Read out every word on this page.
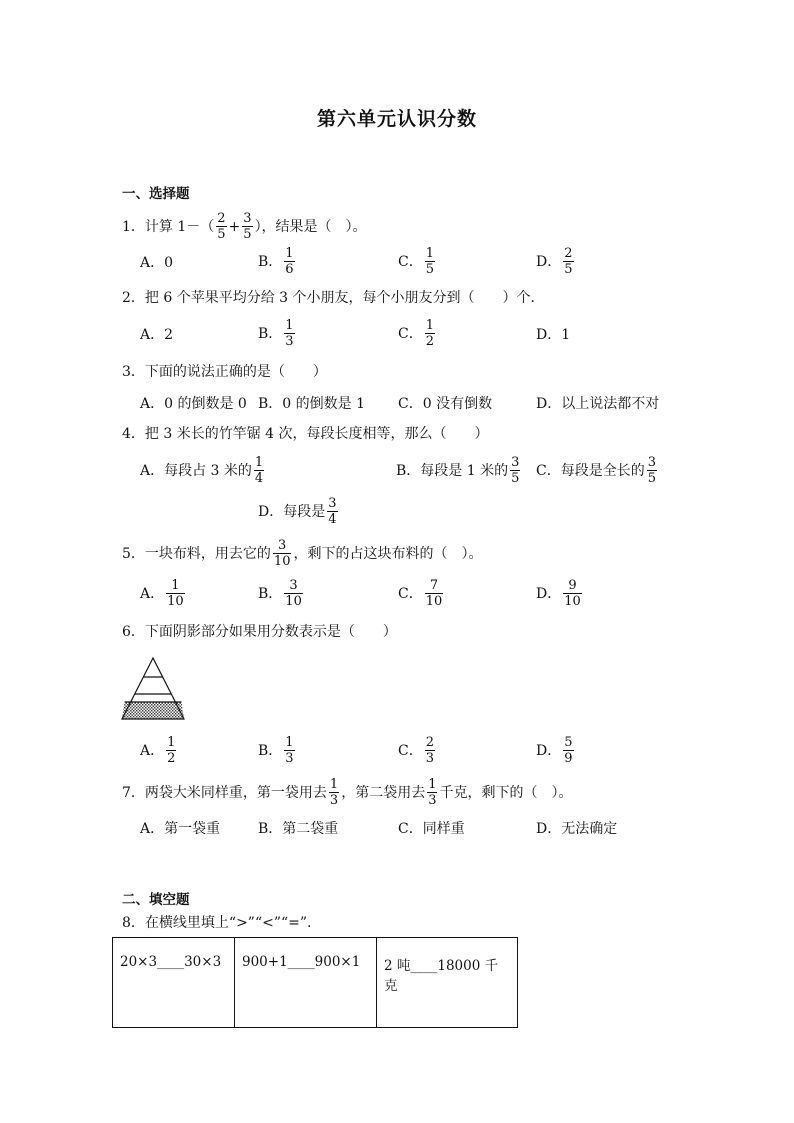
第六单元认识分数
一、选择题
1．计算 $1-( \frac{2}{5} + \frac{3}{5}$ ），结果是（　）。
A．0	B． $\frac{1}{6}$	C． $\frac{1}{5}$	D． $\frac{2}{5}$
2．把 6 个苹果平均分给 3 个小朋友，每个小朋友分到（　　）个．
A．2	B． $\frac{1}{3}$	C． $\frac{1}{2}$	D．1
3．下面的说法正确的是（　　）
A．0 的倒数是 0 B．0 的倒数是 1 C．0 没有倒数	D．以上说法都不对
4．把 3 米长的竹竿锯 4 次，每段长度相等，那么（　　）
A．每段占 3 米的 $\frac{1}{4}$	B．每段是 1 米的 $\frac{3}{5}$ C．每段是全长的 $\frac{3}{5}$
D．每段是 $\frac{3}{4}$
5．一块布料，用去它的 $\frac{3}{10}$ ，剩下的占这块布料的（　）。
A． $\frac{1}{10}$	B． $\frac{3}{10}$	C． $\frac{7}{10}$	D． $\frac{9}{10}$
6．下面阴影部分如果用分数表示是（　　）
A． $\frac{1}{2}$	B． $\frac{1}{3}$	C． $\frac{2}{3}$	D． $\frac{5}{9}$
7．两袋大米同样重，第一袋用去 $\frac{1}{3}$ ，第二袋用去 $\frac{1}{3}$ 千克，剩下的（　）。
A．第一袋重	B．第二袋重	C．同样重	D．无法确定
二、填空题
8．在横线里填上“>”“<”“=”.
20×3____30×3	900+1____900×1	2 吨____18000 千克
